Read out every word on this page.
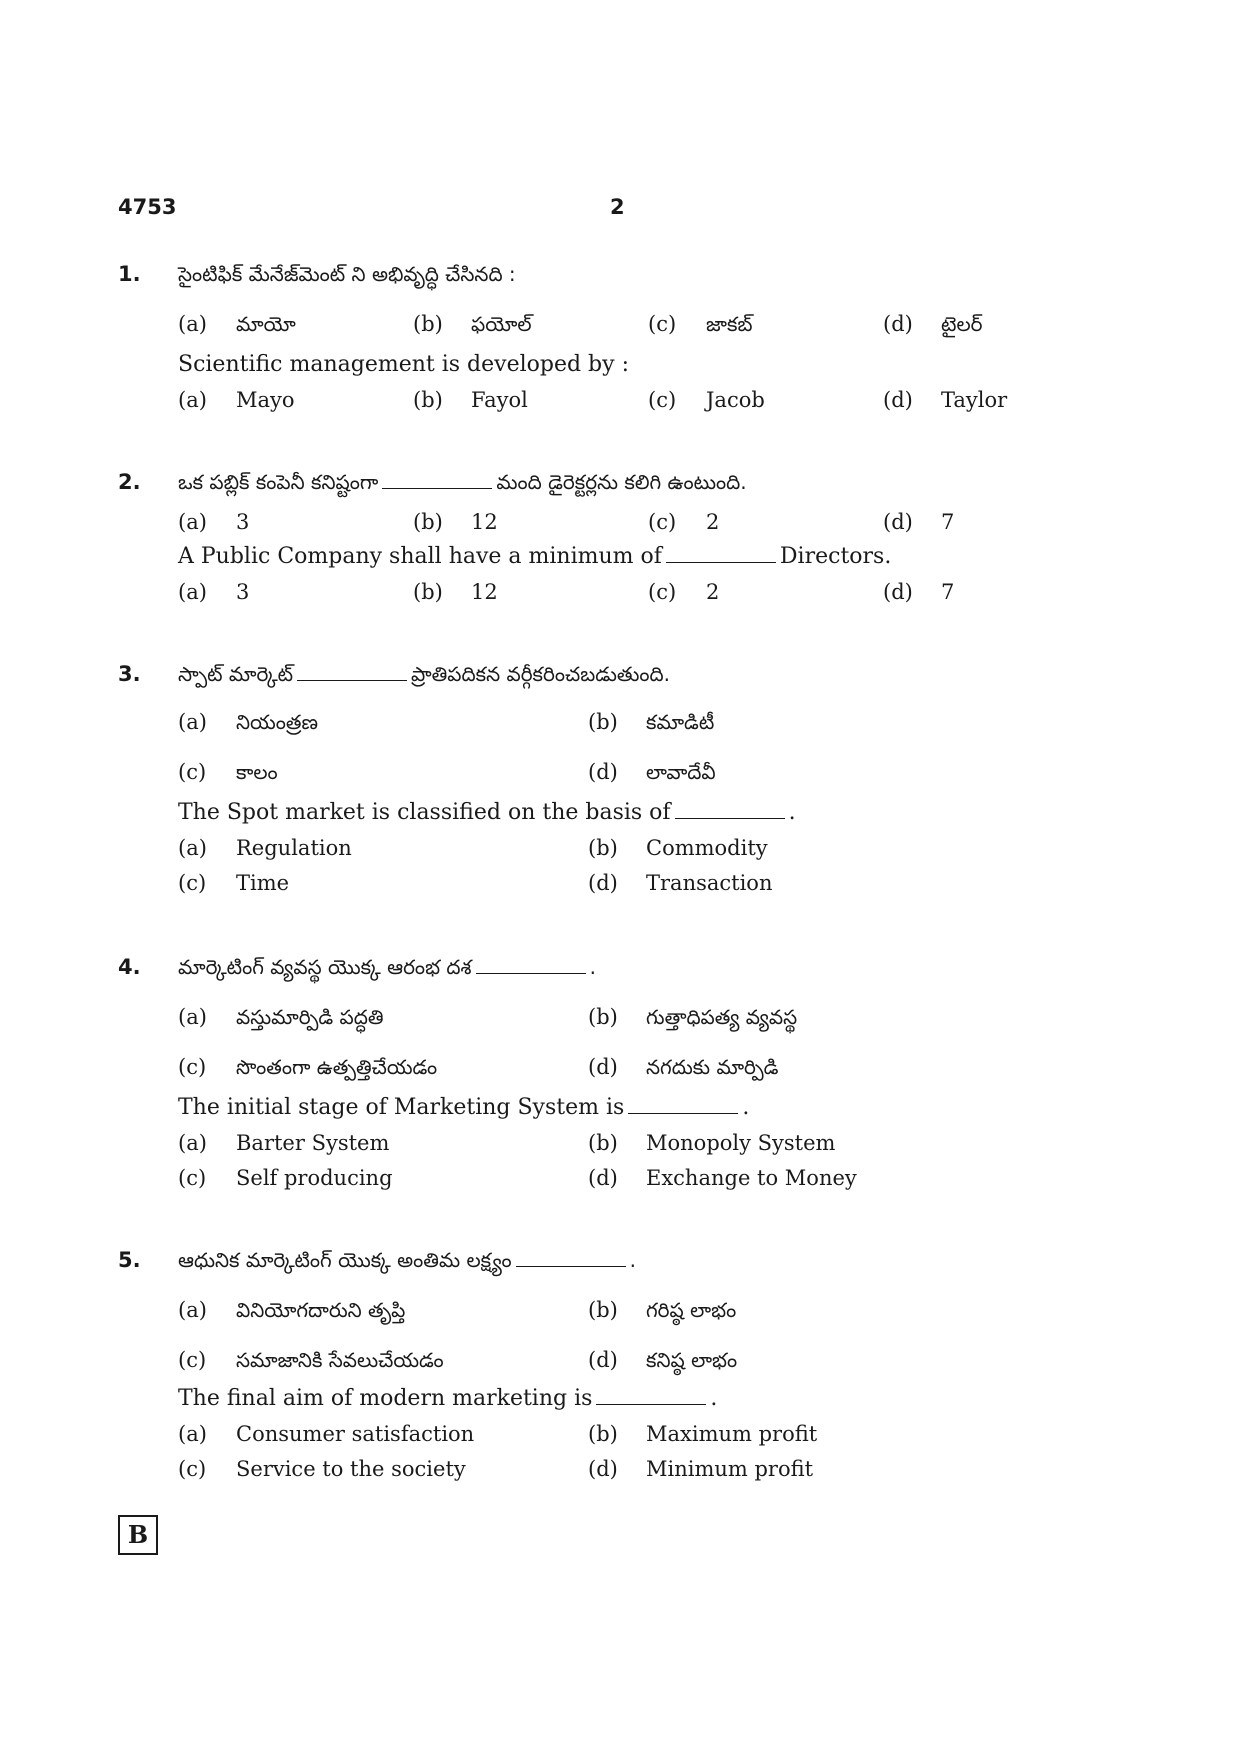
4753	2
1. సైంటిఫిక్ మేనేజ్‌మెంట్ ని అభివృద్ధి చేసినది :
(a) మాయో	(b) ఫయోల్	(c) జాకబ్	(d) టైలర్
Scientific management is developed by :
(a) Mayo	(b) Fayol	(c) Jacob	(d) Taylor
2. ఒక పబ్లిక్ కంపెనీ కనిష్టంగా	మంది డైరెక్టర్లను కలిగి ఉంటుంది.
(a) 3	(b) 12	(c) 2	(d) 7
A Public Company shall have a minimum of	Directors.
(a) 3	(b) 12	(c) 2	(d) 7
3. స్పాట్ మార్కెట్	ప్రాతిపదికన వర్గీకరించబడుతుంది.
(a) నియంత్రణ	(b) కమాడిటీ
(c) కాలం	(d) లావాదేవీ
The Spot market is classified on the basis of	.
(a) Regulation	(b) Commodity
(c) Time	(d) Transaction
4. మార్కెటింగ్ వ్యవస్థ యొక్క ఆరంభ దశ	.
(a) వస్తుమార్పిడి పద్ధతి	(b) గుత్తాధిపత్య వ్యవస్థ
(c) సొంతంగా ఉత్పత్తిచేయడం	(d) నగదుకు మార్పిడి
The initial stage of Marketing System is	.
(a) Barter System	(b) Monopoly System
(c) Self producing	(d) Exchange to Money
5. ఆధునిక మార్కెటింగ్ యొక్క అంతిమ లక్ష్యం	.
(a) వినియోగదారుని తృప్తి	(b) గరిష్ఠ లాభం
(c) సమాజానికి సేవలుచేయడం	(d) కనిష్ఠ లాభం
The final aim of modern marketing is	.
(a) Consumer satisfaction	(b) Maximum profit
(c) Service to the society	(d) Minimum profit
B
